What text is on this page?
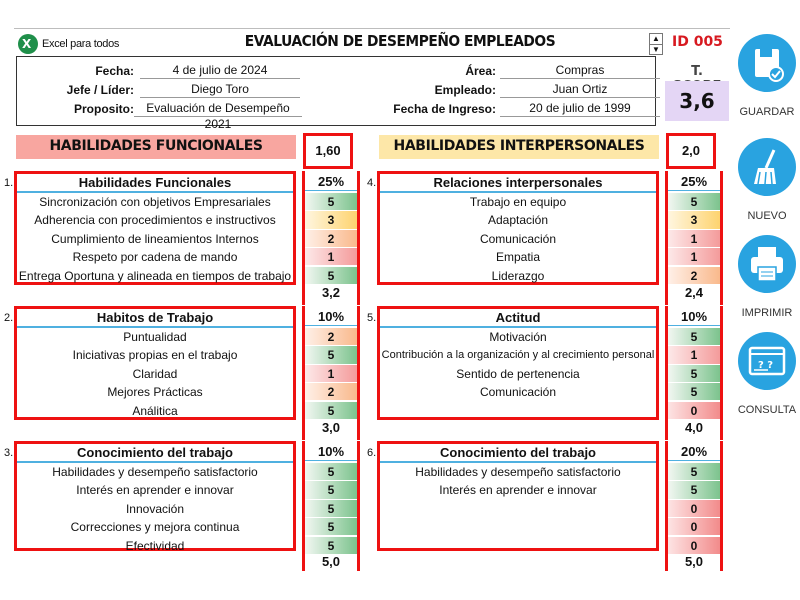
X Excel para todos	EVALUACIÓN DE DESEMPEÑO EMPLEADOS	▲
▼ ID 005
Fecha:	4 de julio de 2024
Jefe / Líder:	Diego Toro
Proposito:	Evaluación de Desempeño 2021
Área:	Compras
Empleado:	Juan Ortiz
Fecha de Ingreso:	20 de julio de 1999
T.
3,6
HABILIDADES FUNCIONALES	1,60	HABILIDADES INTERPERSONALES	2,0
1.	Habilidades Funcionales	25%
Sincronización con objetivos Empresariales	5
Adherencia con procedimientos e instructivos	3
Cumplimiento de lineamientos Internos	2
Respeto por cadena de mando	1
Entrega Oportuna y alineada en tiempos de trabajo	5
3,2
2.	Habitos de Trabajo	10%
Puntualidad	2
Iniciativas propias en el trabajo	5
Claridad	1
Mejores Prácticas	2
Análitica	5
3,0
3.	Conocimiento del trabajo	10%
Habilidades y desempeño satisfactorio	5
Interés en aprender e innovar	5
Innovación	5
Correcciones y mejora continua	5
Efectividad	5
5,0
4.	Relaciones interpersonales	25%
Trabajo en equipo	5
Adaptación	3
Comunicación	1
Empatia	1
Liderazgo	2
2,4
5.	Actitud	10%
Motivación	5
Contribución a la organización y al crecimiento personal	1
Sentido de pertenencia	5
Comunicación	5
0
4,0
6.	Conocimiento del trabajo	20%
Habilidades y desempeño satisfactorio	5
Interés en aprender e innovar	5
0
0
0
5,0
GUARDAR
NUEVO
IMPRIMIR
? ?
CONSULTA
